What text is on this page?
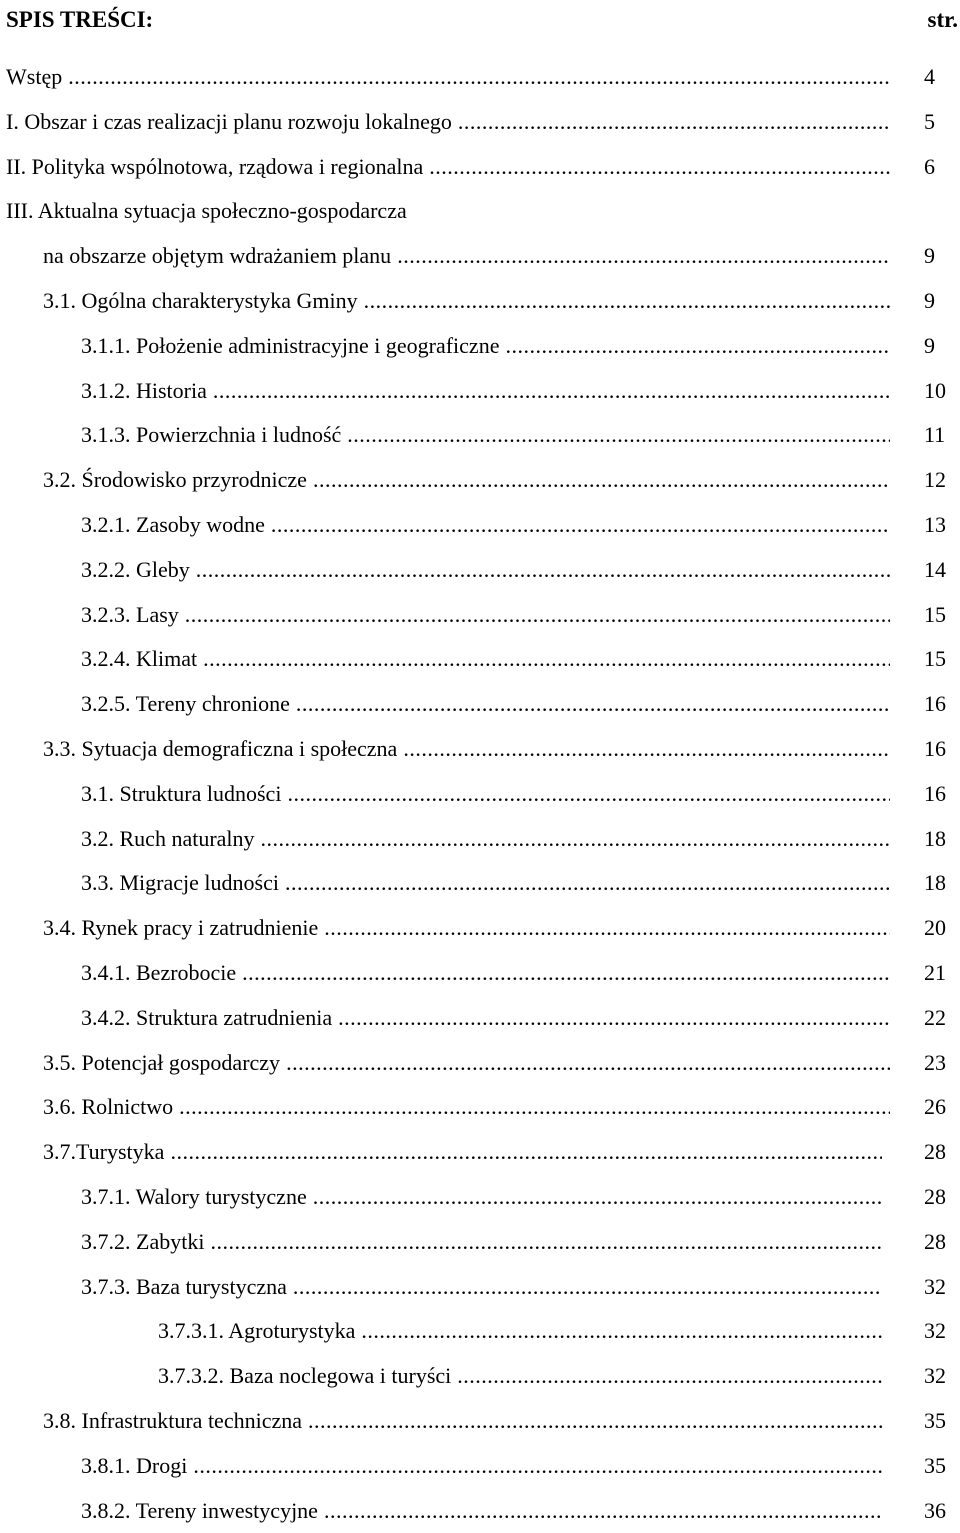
SPIS TREŚCI:	str.
Wstęp .....	4
I. Obszar i czas realizacji planu rozwoju lokalnego .....	5
II. Polityka wspólnotowa, rządowa i regionalna .....	6
III. Aktualna sytuacja społeczno-gospodarcza
na obszarze objętym wdrażaniem planu .....	9
3.1. Ogólna charakterystyka Gminy .....	9
3.1.1. Położenie administracyjne i geograficzne .....	9
3.1.2. Historia .....	10
3.1.3. Powierzchnia i ludność .....	11
3.2. Środowisko przyrodnicze .....	12
3.2.1. Zasoby wodne .....	13
3.2.2. Gleby .....	14
3.2.3. Lasy .....	15
3.2.4. Klimat .....	15
3.2.5. Tereny chronione .....	16
3.3. Sytuacja demograficzna i społeczna .....	16
3.1. Struktura ludności .....	16
3.2. Ruch naturalny .....	18
3.3. Migracje ludności .....	18
3.4. Rynek pracy i zatrudnienie .....	20
3.4.1. Bezrobocie .....	21
3.4.2. Struktura zatrudnienia .....	22
3.5. Potencjał gospodarczy .....	23
3.6. Rolnictwo .....	26
3.7.Turystyka .....	28
3.7.1. Walory turystyczne .....	28
3.7.2. Zabytki .....	28
3.7.3. Baza turystyczna .....	32
3.7.3.1. Agroturystyka .....	32
3.7.3.2. Baza noclegowa i turyści .....	32
3.8. Infrastruktura techniczna .....	35
3.8.1. Drogi .....	35
3.8.2. Tereny inwestycyjne .....	36
